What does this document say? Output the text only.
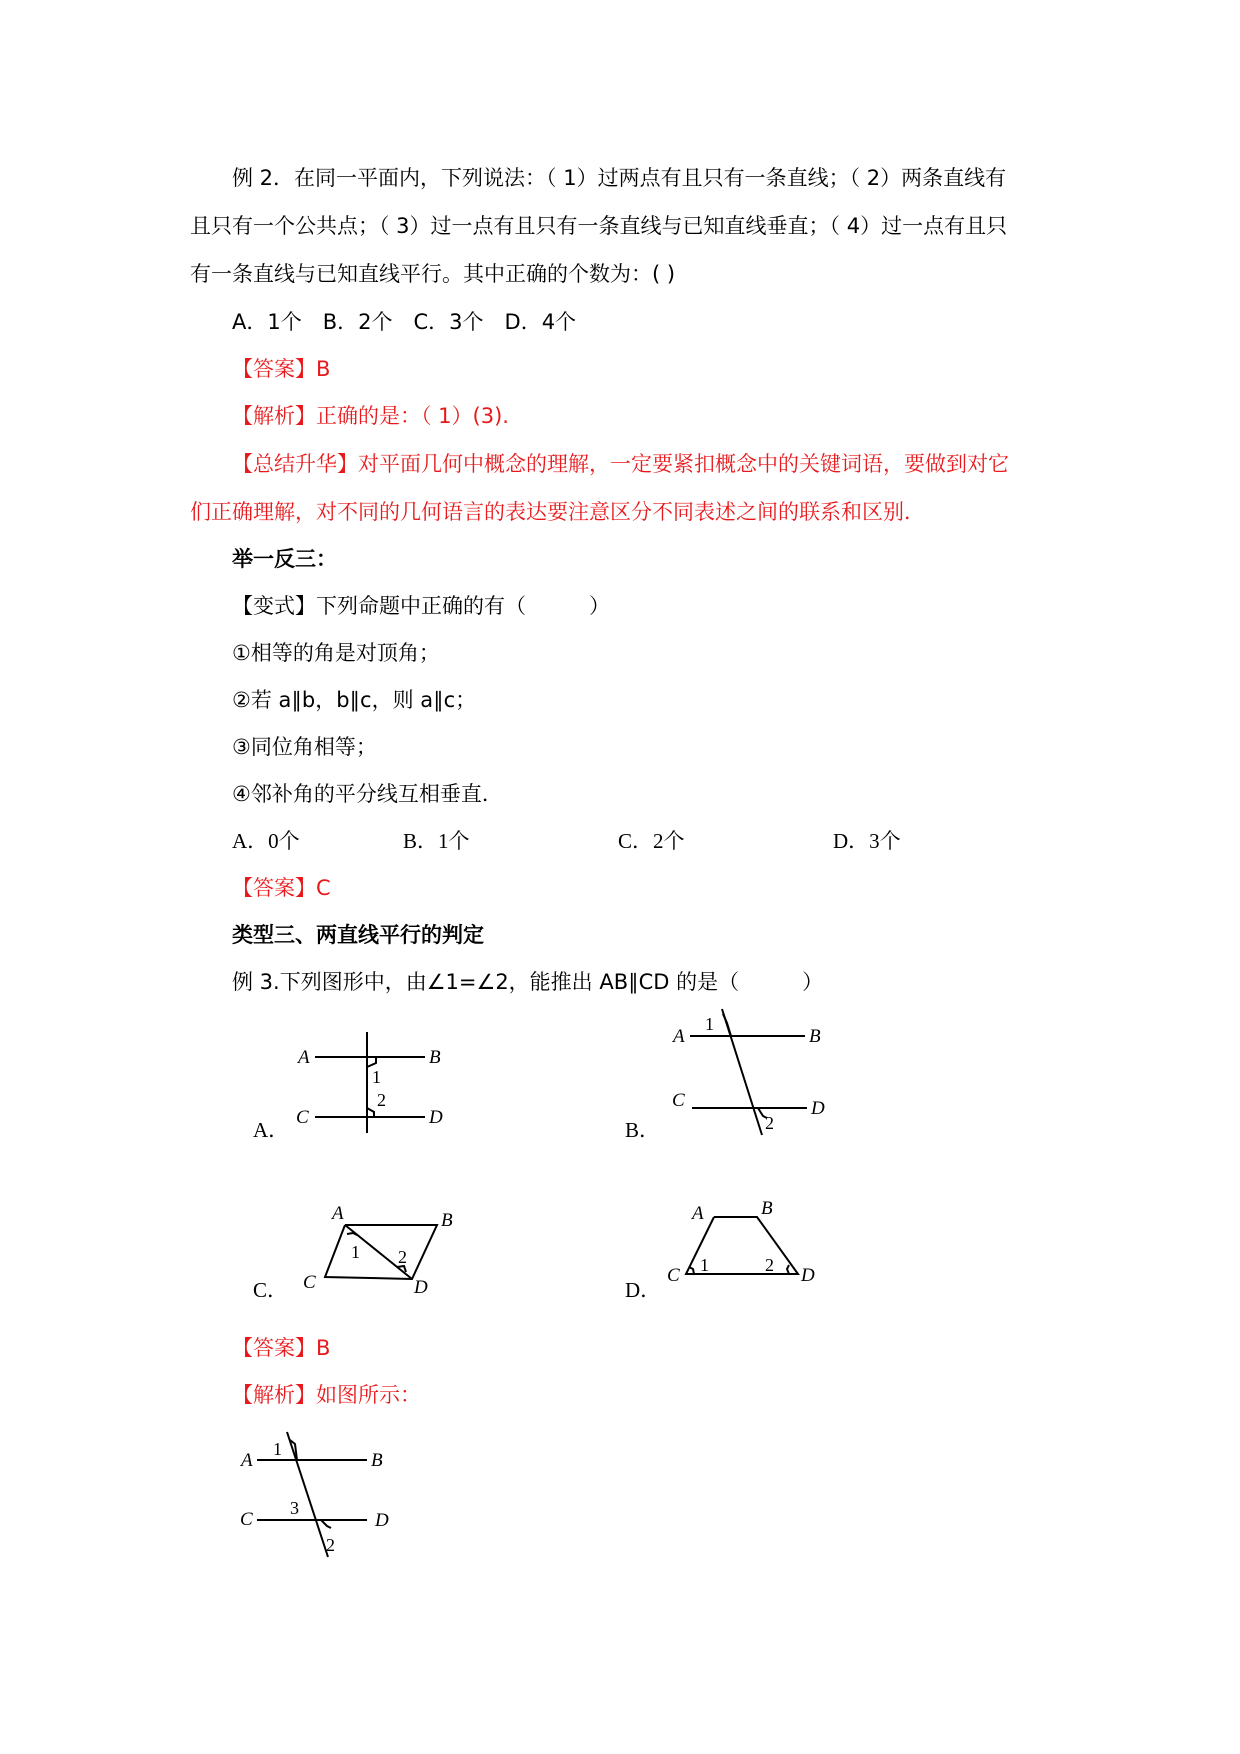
例 2．在同一平面内，下列说法：（ 1）过两点有且只有一条直线；（ 2）两条直线有
且只有一个公共点；（ 3）过一点有且只有一条直线与已知直线垂直；（ 4）过一点有且只
有一条直线与已知直线平行。其中正确的个数为：( )
A．1个　B．2个　C．3个　D．4个
【答案】B
【解析】正确的是：（ 1）(3).
【总结升华】对平面几何中概念的理解，一定要紧扣概念中的关键词语，要做到对它
们正确理解，对不同的几何语言的表达要注意区分不同表述之间的联系和区别．
举一反三：
【变式】下列命题中正确的有（　　　）
①相等的角是对顶角；
②若 a∥b，b∥c，则 a∥c；
③同位角相等；
④邻补角的平分线互相垂直．
A．0个	B．1个	C．2个	D．3个
【答案】C
类型三、两直线平行的判定
例 3.下列图形中，由∠1=∠2，能推出 AB∥CD 的是（　　　）
A	B
C	D
1
2
A．
A	B
C	D
1
2
B．
A	B
C	D
1 2
C．
A	B
C	D
1	2
D．
【答案】B
【解析】如图所示：
A	B
C	D
1
3
2
